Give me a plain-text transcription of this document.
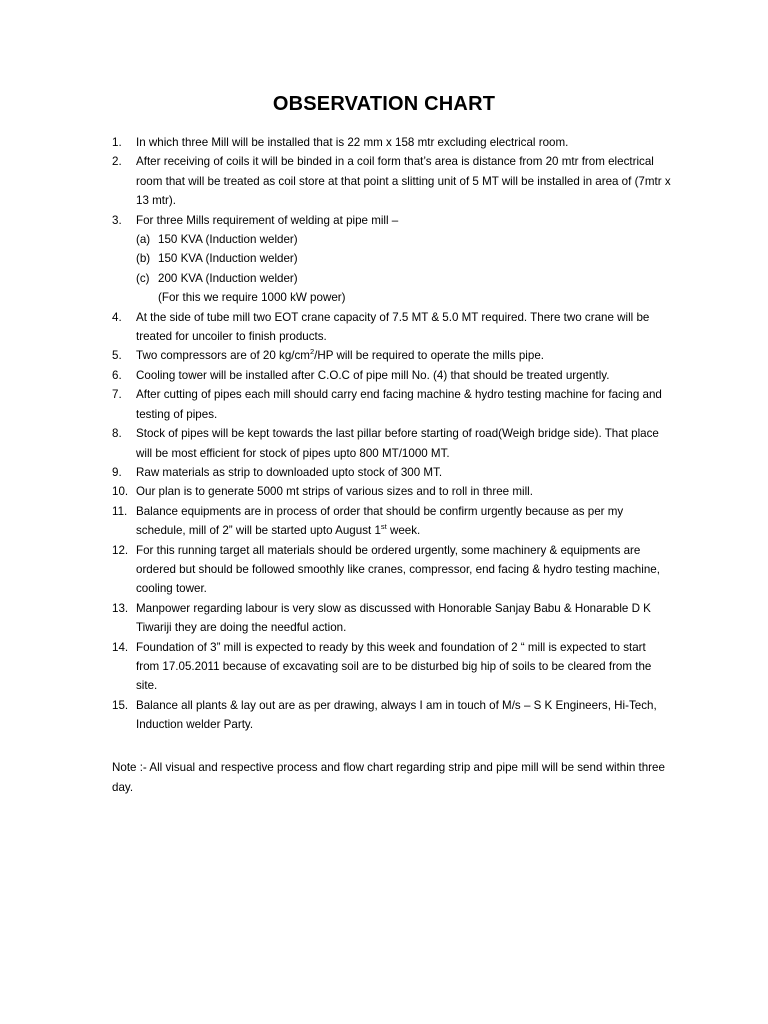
OBSERVATION CHART
1. In which three Mill will be installed that is 22 mm x 158 mtr excluding electrical room.
2. After receiving of coils it will be binded in a coil form that’s area is distance from 20 mtr from electrical room that will be treated as coil store at that point a slitting unit of 5 MT will be installed in area of (7mtr x 13 mtr).
3. For three Mills requirement of welding at pipe mill –
(a) 150 KVA (Induction welder)
(b) 150 KVA (Induction welder)
(c) 200 KVA (Induction welder)
(For this we require 1000 kW power)
4. At the side of tube mill two EOT crane capacity of 7.5 MT & 5.0 MT required. There two crane will be treated for uncoiler to finish products.
5. Two compressors are of 20 $kg/cm^2/HP$ will be required to operate the mills pipe.
6. Cooling tower will be installed after C.O.C of pipe mill No. (4) that should be treated urgently.
7. After cutting of pipes each mill should carry end facing machine & hydro testing machine for facing and testing of pipes.
8. Stock of pipes will be kept towards the last pillar before starting of road(Weigh bridge side). That place will be most efficient for stock of pipes upto 800 MT/1000 MT.
9. Raw materials as strip to downloaded upto stock of 300 MT.
10. Our plan is to generate 5000 mt strips of various sizes and to roll in three mill.
11. Balance equipments are in process of order that should be confirm urgently because as per my schedule, mill of 2” will be started upto August 1st week.
12. For this running target all materials should be ordered urgently, some machinery & equipments are ordered but should be followed smoothly like cranes, compressor, end facing & hydro testing machine, cooling tower.
13. Manpower regarding labour is very slow as discussed with Honorable Sanjay Babu & Honarable D K Tiwariji they are doing the needful action.
14. Foundation of 3” mill is expected to ready by this week and foundation of 2 “ mill is expected to start from 17.05.2011 because of excavating soil are to be disturbed big hip of soils to be cleared from the site.
15. Balance all plants & lay out are as per drawing, always I am in touch of M/s – S K Engineers, Hi-Tech, Induction welder Party.

Note :- All visual and respective process and flow chart regarding strip and pipe mill will be send within three day.
